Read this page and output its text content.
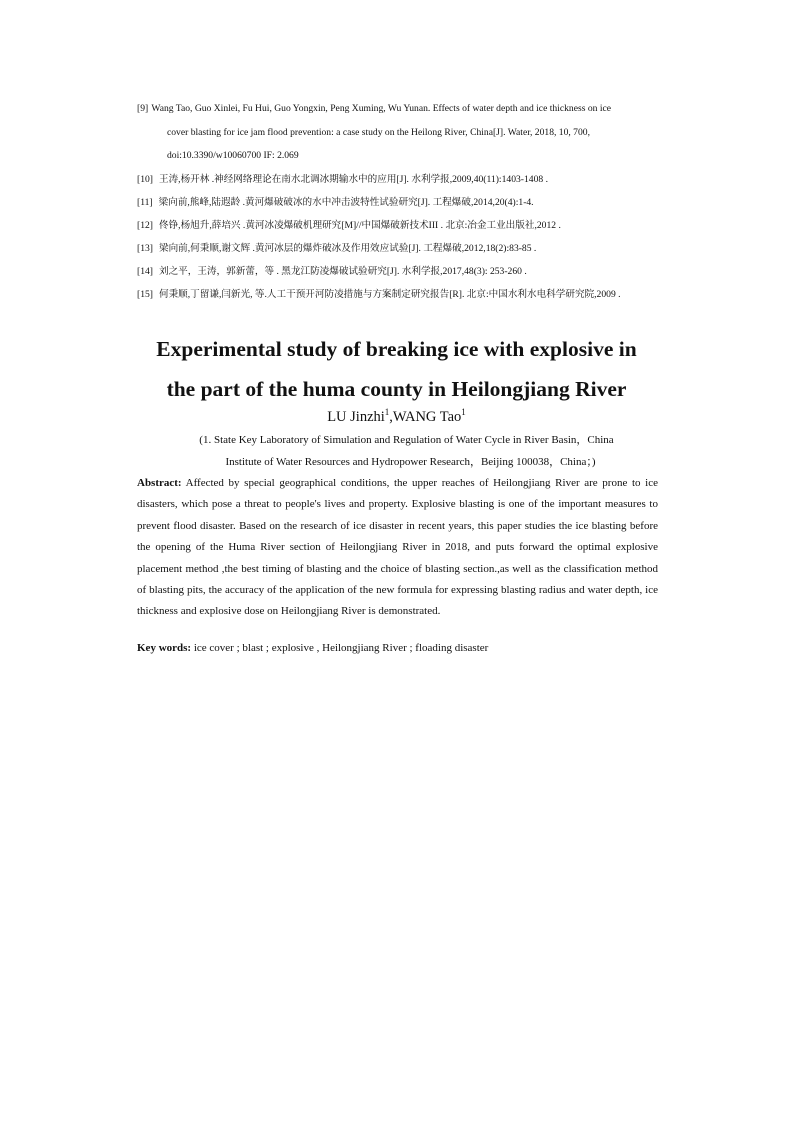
[9] Wang Tao, Guo Xinlei, Fu Hui, Guo Yongxin, Peng Xuming, Wu Yunan. Effects of water depth and ice thickness on ice
cover blasting for ice jam flood prevention: a case study on the Heilong River, China[J]. Water, 2018, 10, 700,
doi:10.3390/w10060700 IF: 2.069
[10] 王涛,杨开林 .神经网络理论在南水北调冰期输水中的应用[J]. 水利学报,2009,40(11):1403-1408 .
[11] 梁向前,熊峰,陆遐龄 .黄河爆破破冰的水中冲击波特性试验研究[J]. 工程爆破,2014,20(4):1-4.
[12] 佟铮,杨旭升,薛培兴 .黄河冰凌爆破机理研究[M]//中国爆破新技术III . 北京:冶金工业出版社,2012 .
[13] 梁向前,何秉顺,谢文辉 .黄河冰层的爆炸破冰及作用效应试验[J]. 工程爆破,2012,18(2):83-85 .
[14] 刘之平，王涛，郭新蕾，等 . 黑龙江防凌爆破试验研究[J]. 水利学报,2017,48(3): 253-260 .
[15] 何秉顺,丁留谦,闫新光, 等.人工干预开河防凌措施与方案制定研究报告[R]. 北京:中国水利水电科学研究院,2009 .
Experimental study of breaking ice with explosive in
the part of the huma county in Heilongjiang River
LU Jinzhi$^1$,WANG Tao$^1$
(1. State Key Laboratory of Simulation and Regulation of Water Cycle in River Basin，China
Institute of Water Resources and Hydropower Research，Beijing 100038，China；)
Abstract: Affected by special geographical conditions, the upper reaches of Heilongjiang River are prone to ice disasters, which pose a threat to people's lives and property. Explosive blasting is one of the important measures to prevent flood disaster. Based on the research of ice disaster in recent years, this paper studies the ice blasting before the opening of the Huma River section of Heilongjiang River in 2018, and puts forward the optimal explosive placement method ,the best timing of blasting and the choice of blasting section.,as well as the classification method of blasting pits, the accuracy of the application of the new formula for expressing blasting radius and water depth, ice thickness and explosive dose on Heilongjiang River is demonstrated.
Key words: ice cover ; blast ; explosive , Heilongjiang River ; floading disaster
